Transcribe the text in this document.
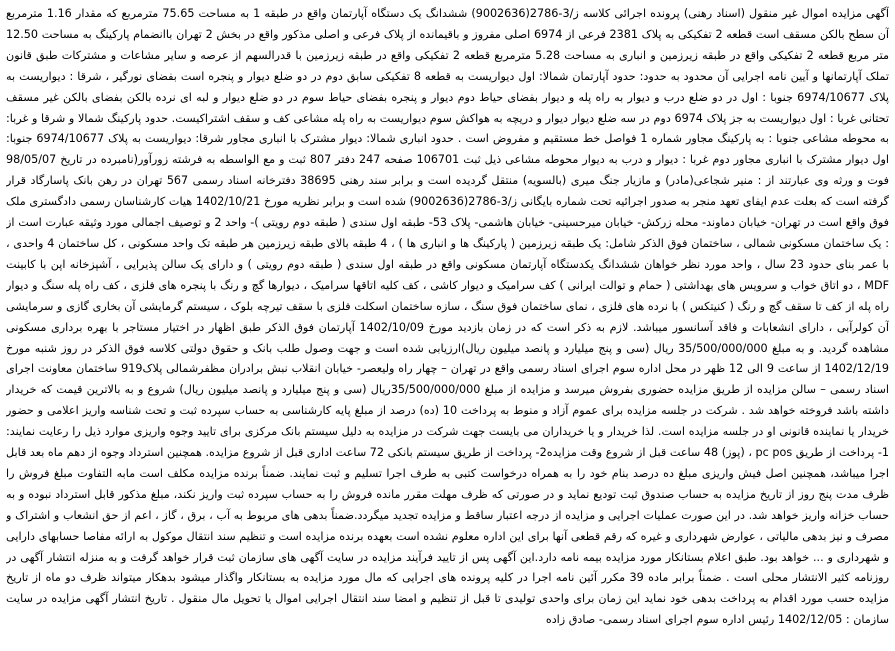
آگهی مزایده اموال غیر منقول (اسناد رهنی) پرونده اجرائی کلاسه ز/3-2786(9002636) ششدانگ یک دستگاه آپارتمان واقع در طبقه 1 به مساحت 75.65 مترمربع که مقدار 1.16 مترمربع آن سطح بالکن مسقف است قطعه 2 تفکیکی به پلاک 2381 فرعی از 6974 اصلی مفروز و باقیمانده از پلاک فرعی و اصلی مذکور واقع در بخش 2 تهران باانضمام پارکینگ به مساحت 12.50 متر مربع قطعه 2 تفکیکی واقع در طبقه زیرزمین و انباری به مساحت 5.28 مترمربع قطعه 2 تفکیکی واقع در طبقه زیرزمین با قدرالسهم از عرصه و سایر مشاعات و مشترکات طبق قانون تملک آپارتمانها و آیین نامه اجرایی آن محدود به حدود: حدود آپارتمان شمالا: اول دیواریست به قطعه 8 تفکیکی سابق دوم در دو ضلع دیوار و پنجره است بفضای نورگیر ، شرقا : دیواریست به پلاک 6974/10677 جنوبا : اول در دو ضلع درب و دیوار به راه پله و دیوار بفضای حیاط دوم دیوار و پنجره بفضای حیاط سوم در دو ضلع دیوار و لبه ای نرده بالکن بفضای بالکن غیر مسقف تحتانی غربا : اول دیواریست به جز پلاک 6974 دوم در سه ضلع دیوار دیوار و دریچه به هواکش سوم دیواریست به راه پله مشاعی کف و سقف اشتراکیست. حدود پارکینگ شمالا و شرقا و غربا: به محوطه مشاعی جنوبا : به پارکینگ مجاور شماره 1 فواصل خط مستقیم و مفروض است . حدود انباری شمالا: دیوار مشترک با انباری مجاور شرقا: دیواریست به پلاک 6974/10677 جنوبا: اول دیوار مشترک با انباری مجاور دوم غربا : دیوار و درب به دیوار محوطه مشاعی ذیل ثبت 106701 صفحه 247 دفتر 807 ثبت و مع الواسطه به فرشته زورآور(نامبرده در تاریخ 98/05/07 فوت و ورثه وی عبارتند از : منیر شجاعی(مادر) و مازیار جنگ میری (بالسویه) منتقل گردیده است و برابر سند رهنی 38695 دفترخانه اسناد رسمی 567 تهران در رهن بانک پاسارگاد قرار گرفته است که بعلت عدم ایفای تعهد منجر به صدور اجرائیه تحت شماره بایگانی ز/3-2786(9002636) شده است و برابر نظریه مورخ 1402/10/21 هیات کارشناسان رسمی دادگستری ملک فوق واقع است در تهران- خیابان دماوند- محله زرکش- خیابان میرحسینی- خیابان هاشمی- پلاک 53- طبقه اول سندی ( طبقه دوم رویتی )- واحد 2 و توصیف اجمالی مورد وثیقه عبارت است از : یک ساختمان مسکونی شمالی ، ساختمان فوق الذکر شامل: یک طبقه زیرزمین ( پارکینگ ها و انباری ها ) ، 4 طبقه بالای طبقه زیرزمین هر طبقه تک واحد مسکونی ، کل ساختمان 4 واحدی ، با عمر بنای حدود 23 سال ، واحد مورد نظر خواهان ششدانگ یکدستگاه آپارتمان مسکونی واقع در طبقه اول سندی ( طبقه دوم رویتی ) و دارای یک سالن پذیرایی ، آشپزخانه اپن با کابینت MDF ، دو اتاق خواب و سرویس های بهداشتی ( حمام و توالت ایرانی ) کف سرامیک و دیوار کاشی ، کف کلیه اتاقها سرامیک ، دیوارها گچ و رنگ با پنجره های فلزی ، کف راه پله سنگ و دیوار راه پله از کف تا سقف گچ و رنگ ( کنیتکس ) با نرده های فلزی ، نمای ساختمان فوق سنگ ، سازه ساختمان اسکلت فلزی با سقف تیرچه بلوک ، سیستم گرمایشی آن بخاری گازی و سرمایشی آن کولرآبی ، دارای انشعابات و فاقد آسانسور میباشد. لازم به ذکر است که در زمان بازدید مورخ 1402/10/09 آپارتمان فوق الذکر طبق اظهار در اختیار مستاجر با بهره برداری مسکونی مشاهده گردید. و به مبلغ 35/500/000/000 ریال (سی و پنج میلیارد و پانصد میلیون ریال)ارزیابی شده است و جهت وصول طلب بانک و حقوق دولتی کلاسه فوق الذکر در روز شنبه مورخ 1402/12/19 از ساعت 9 الی 12 ظهر در محل اداره سوم اجرای اسناد رسمی واقع در تهران – چهار راه ولیعصر- خیابان انقلاب نبش برادران مظفرشمالی پلاک919 ساختمان معاونت اجرای اسناد رسمی – سالن مزایده از طریق مزایده حضوری بفروش میرسد و مزایده از مبلغ 35/500/000/000ریال (سی و پنج میلیارد و پانصد میلیون ریال) شروع و به بالاترین قیمت که خریدار داشته باشد فروخته خواهد شد . شرکت در جلسه مزایده برای عموم آزاد و منوط به پرداخت 10 (ده) درصد از مبلغ پایه کارشناسی به حساب سپرده ثبت و تحت شناسه واریز اعلامی و حضور خریدار یا نماینده قانونی او در جلسه مزایده است. لذا خریدار و یا خریداران می بایست جهت شرکت در مزایده به دلیل سیستم بانک مرکزی برای تایید وجوه واریزی موارد ذیل را رعایت نمایند: 1- پرداخت از طریق pc pos ، (پوز) 48 ساعت قبل از شروع وقت مزایده2- پرداخت از طریق سیستم بانکی 72 ساعت اداری قبل از شروع مزایده. همچنین استرداد وجوه از دهم ماه بعد قابل اجرا میباشد، همچنین اصل فیش واریزی مبلغ ده درصد بنام خود را به همراه درخواست کتبی به طرف اجرا تسلیم و ثبت نمایند. ضمناً برنده مزایده مکلف است مابه التفاوت مبلغ فروش را ظرف مدت پنج روز از تاریخ مزایده به حساب صندوق ثبت تودیع نماید و در صورتی که ظرف مهلت مقرر مانده فروش را به حساب سپرده ثبت واریز نکند، مبلغ مذکور قابل استرداد نبوده و به حساب خزانه واریز خواهد شد. در این صورت عملیات اجرایی و مزایده از درجه اعتبار ساقط و مزایده تجدید میگردد.ضمناً بدهی های مربوط به آب ، برق ، گاز ، اعم از حق انشعاب و اشتراک و مصرف و نیز بدهی مالیاتی ، عوارض شهرداری و غیره که رقم قطعی آنها برای این اداره معلوم نشده است بعهده برنده مزایده است و تنظیم سند انتقال موکول به ارائه مفاصا حسابهای دارایی و شهرداری و ... خواهد بود. طبق اعلام بستانکار مورد مزایده بیمه نامه دارد.این آگهی پس از تایید فرآیند مزایده در سایت آگهی های سازمان ثبت قرار خواهد گرفت و به منزله انتشار آگهی در روزنامه کثیر الانتشار محلی است . ضمناً برابر ماده 39 مکرر آئین نامه اجرا در کلیه پرونده های اجرایی که مال مورد مزایده به بستانکار واگذار میشود بدهکار میتواند ظرف دو ماه از تاریخ مزایده حسب مورد اقدام به پرداخت بدهی خود نماید این زمان برای واحدی تولیدی تا قبل از تنظیم و امضا سند انتقال اجرایی اموال یا تحویل مال منقول . تاریخ انتشار آگهی مزایده در سایت سازمان : 1402/12/05 رئیس اداره سوم اجرای اسناد رسمی- صادق زاده
